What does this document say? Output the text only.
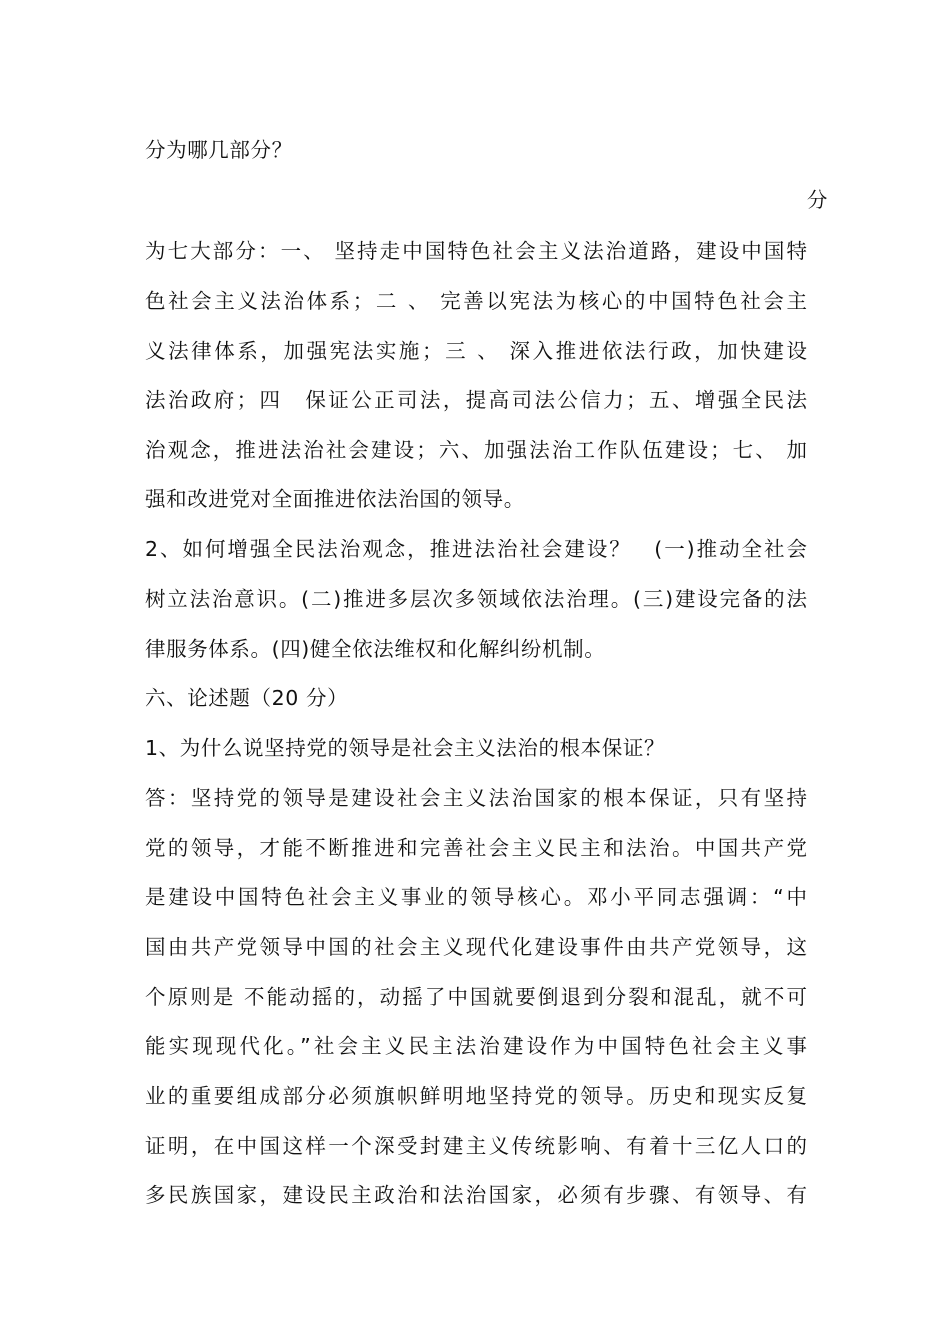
分为哪几部分？
分
为七大部分：一、 坚持走中国特色社会主义法治道路，建设中国特
色社会主义法治体系；二 、 完善以宪法为核心的中国特色社会主
义法律体系，加强宪法实施；三 、 深入推进依法行政，加快建设
法治政府；四　保证公正司法，提高司法公信力；五、增强全民法
治观念，推进法治社会建设；六、加强法治工作队伍建设；七、 加
强和改进党对全面推进依法治国的领导。
2、如何增强全民法治观念，推进法治社会建设？　(一)推动全社会
树立法治意识。(二)推进多层次多领域依法治理。(三)建设完备的法
律服务体系。(四)健全依法维权和化解纠纷机制。
六、论述题（20 分）
1、为什么说坚持党的领导是社会主义法治的根本保证？
答：坚持党的领导是建设社会主义法治国家的根本保证，只有坚持
党的领导，才能不断推进和完善社会主义民主和法治。中国共产党
是建设中国特色社会主义事业的领导核心。邓小平同志强调：“中
国由共产党领导中国的社会主义现代化建设事件由共产党领导，这
个原则是 不能动摇的，动摇了中国就要倒退到分裂和混乱，就不可
能实现现代化。”社会主义民主法治建设作为中国特色社会主义事
业的重要组成部分必须旗帜鲜明地坚持党的领导。历史和现实反复
证明，在中国这样一个深受封建主义传统影响、有着十三亿人口的
多民族国家，建设民主政治和法治国家，必须有步骤、有领导、有
